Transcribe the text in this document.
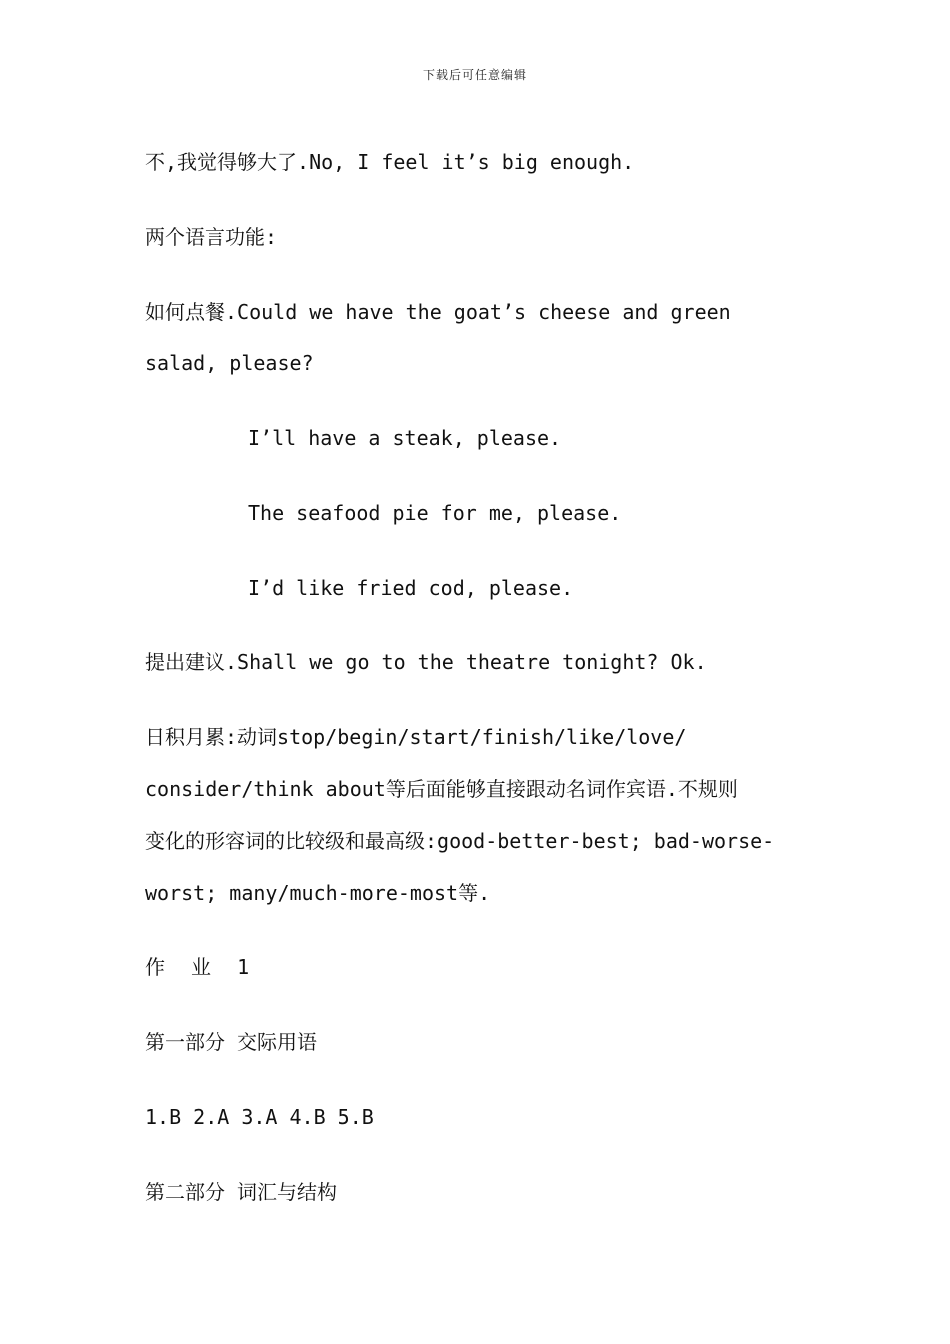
下载后可任意编辑
不,我觉得够大了.No, I feel it’s big enough.
两个语言功能:
如何点餐.Could we have the goat’s cheese and green
salad, please?
I’ll have a steak, please.
The seafood pie for me, please.
I’d like fried cod, please.
提出建议.Shall we go to the theatre tonight? Ok.
日积月累:动词stop/begin/start/finish/like/love/
consider/think about等后面能够直接跟动名词作宾语.不规则
变化的形容词的比较级和最高级:good-better-best; bad-worse-
worst; many/much-more-most等.
作 业 1
第一部分 交际用语
1.B 2.A 3.A 4.B 5.B
第二部分 词汇与结构
